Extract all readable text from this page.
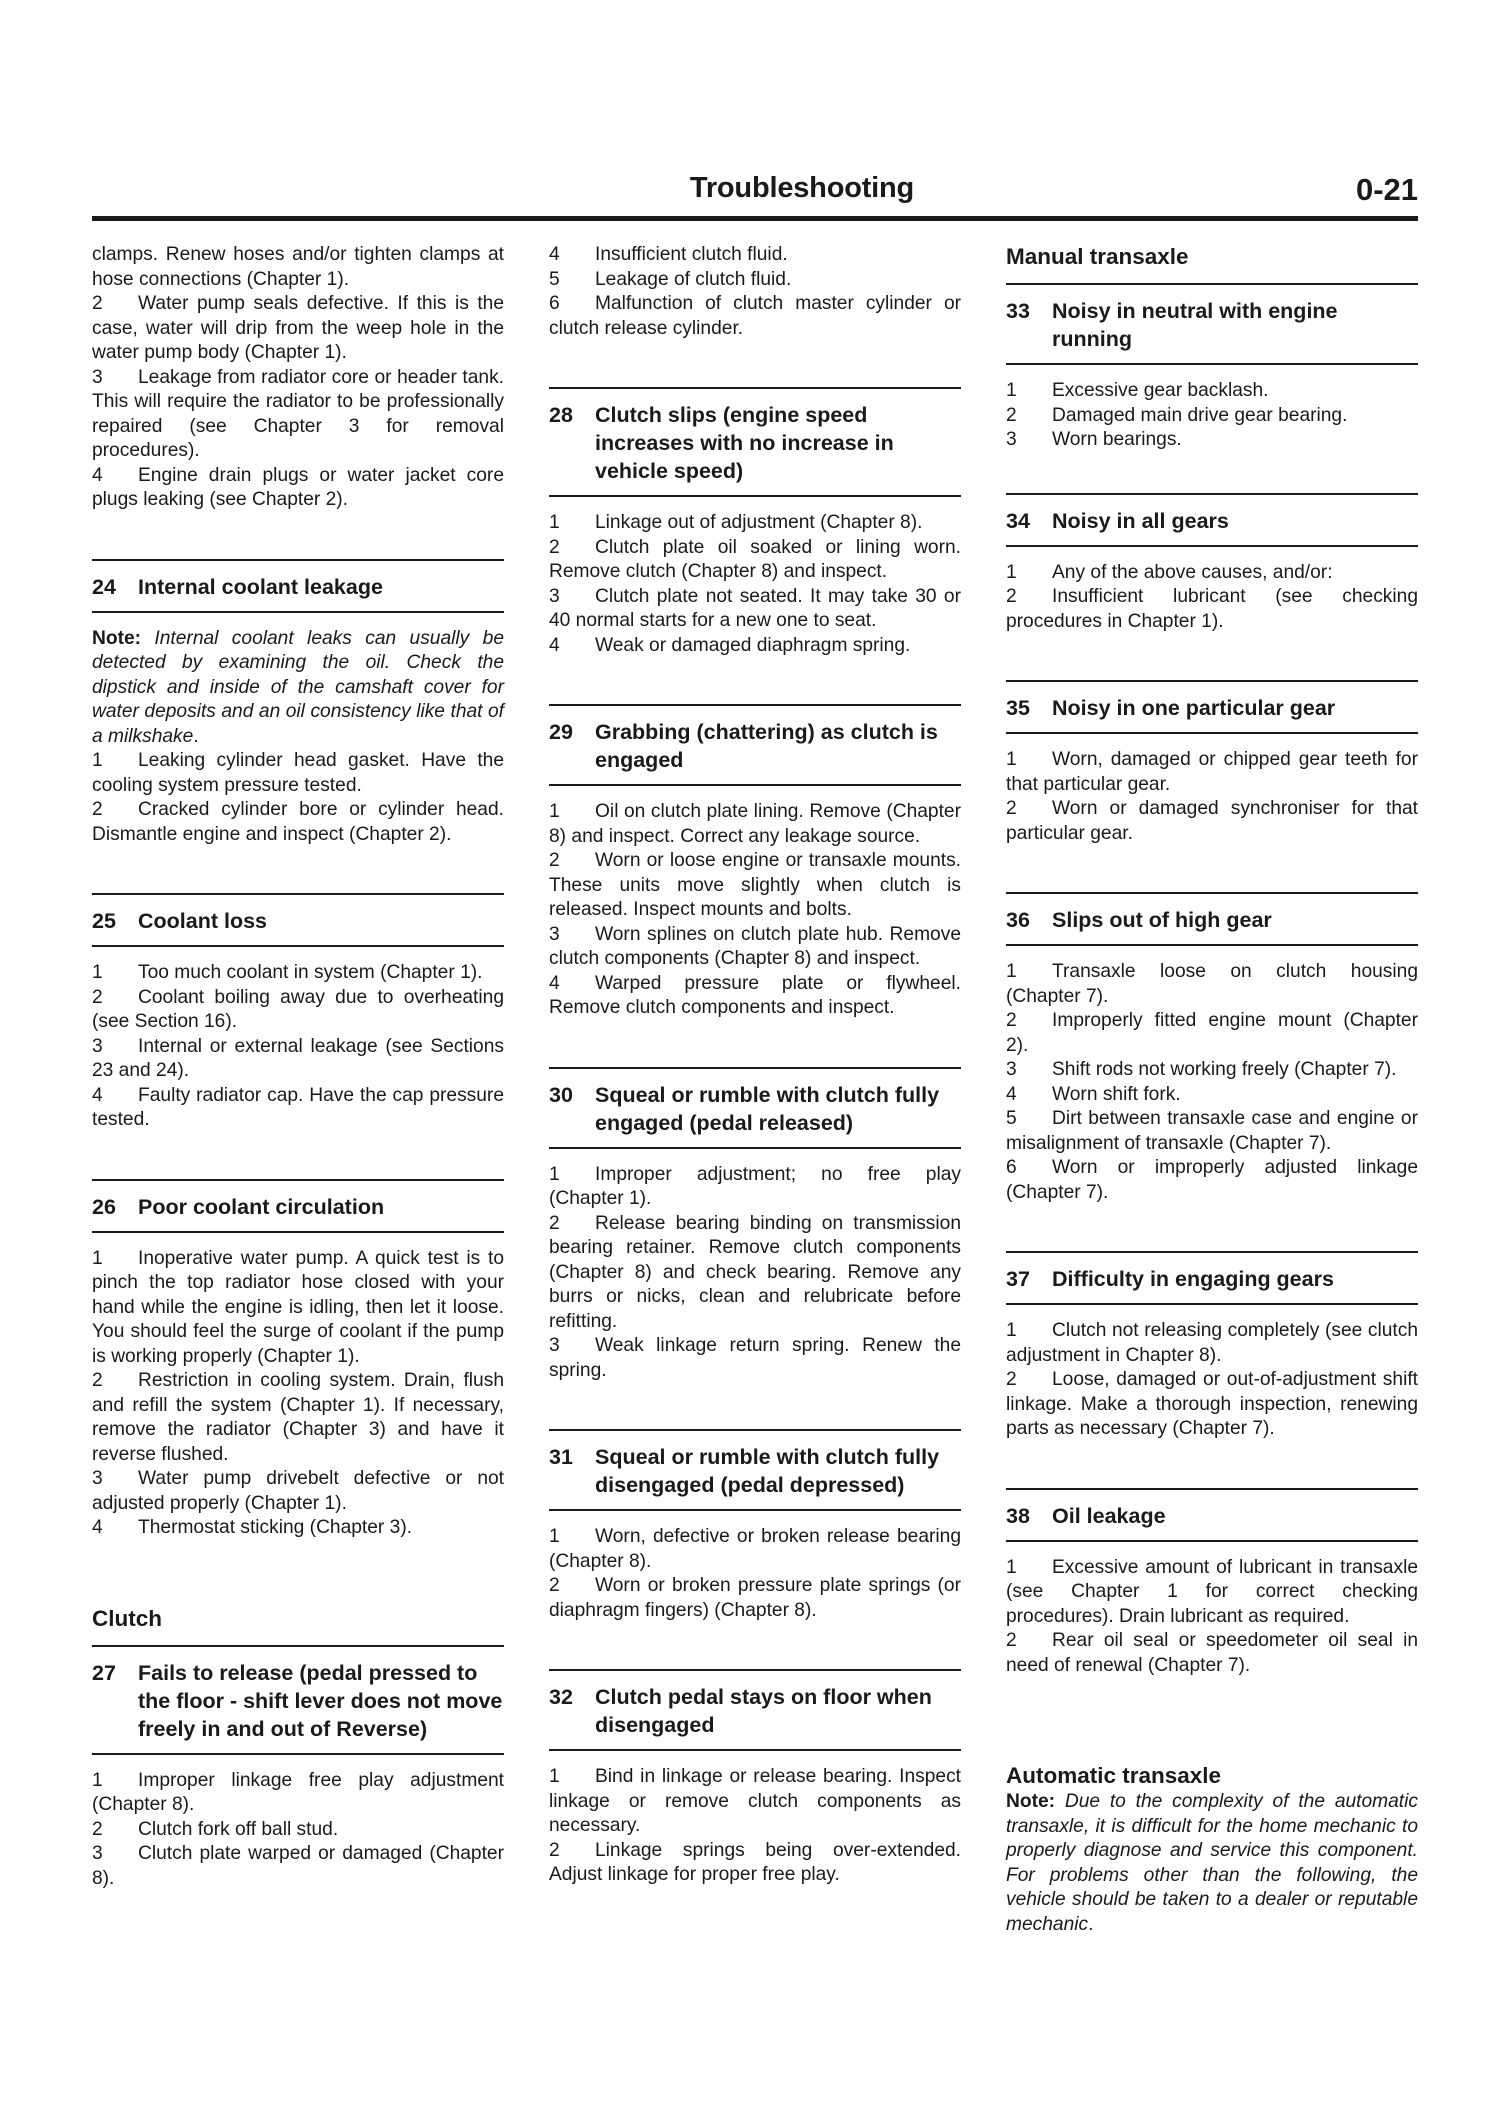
Troubleshooting	0-21

clamps. Renew hoses and/or tighten clamps at hose connections (Chapter 1).

2 Water pump seals defective. If this is the case, water will drip from the weep hole in the water pump body (Chapter 1).

3 Leakage from radiator core or header tank. This will require the radiator to be professionally repaired (see Chapter 3 for removal procedures).

4 Engine drain plugs or water jacket core plugs leaking (see Chapter 2).

24	Internal coolant leakage

Note: Internal coolant leaks can usually be detected by examining the oil. Check the dipstick and inside of the camshaft cover for water deposits and an oil consistency like that of a milkshake.

1 Leaking cylinder head gasket. Have the cooling system pressure tested.

2 Cracked cylinder bore or cylinder head. Dismantle engine and inspect (Chapter 2).

25	Coolant loss

1 Too much coolant in system (Chapter 1).

2 Coolant boiling away due to overheating (see Section 16).

3 Internal or external leakage (see Sections 23 and 24).

4 Faulty radiator cap. Have the cap pressure tested.

26	Poor coolant circulation

1 Inoperative water pump. A quick test is to pinch the top radiator hose closed with your hand while the engine is idling, then let it loose. You should feel the surge of coolant if the pump is working properly (Chapter 1).

2 Restriction in cooling system. Drain, flush and refill the system (Chapter 1). If necessary, remove the radiator (Chapter 3) and have it reverse flushed.

3 Water pump drivebelt defective or not adjusted properly (Chapter 1).

4 Thermostat sticking (Chapter 3).

Clutch
27	Fails to release (pedal pressed to the floor - shift lever does not move freely in and out of Reverse)

1 Improper linkage free play adjustment (Chapter 8).

2 Clutch fork off ball stud.

3 Clutch plate warped or damaged (Chapter 8).

4 Insufficient clutch fluid.

5 Leakage of clutch fluid.

6 Malfunction of clutch master cylinder or clutch release cylinder.

28	Clutch slips (engine speed increases with no increase in vehicle speed)

1 Linkage out of adjustment (Chapter 8).

2 Clutch plate oil soaked or lining worn. Remove clutch (Chapter 8) and inspect.

3 Clutch plate not seated. It may take 30 or 40 normal starts for a new one to seat.

4 Weak or damaged diaphragm spring.

29	Grabbing (chattering) as clutch is engaged

1 Oil on clutch plate lining. Remove (Chapter 8) and inspect. Correct any leakage source.

2 Worn or loose engine or transaxle mounts. These units move slightly when clutch is released. Inspect mounts and bolts.

3 Worn splines on clutch plate hub. Remove clutch components (Chapter 8) and inspect.

4 Warped pressure plate or flywheel. Remove clutch components and inspect.

30	Squeal or rumble with clutch fully engaged (pedal released)

1 Improper adjustment; no free play (Chapter 1).

2 Release bearing binding on transmission bearing retainer. Remove clutch components (Chapter 8) and check bearing. Remove any burrs or nicks, clean and relubricate before refitting.

3 Weak linkage return spring. Renew the spring.

31	Squeal or rumble with clutch fully disengaged (pedal depressed)

1 Worn, defective or broken release bearing (Chapter 8).

2 Worn or broken pressure plate springs (or diaphragm fingers) (Chapter 8).

32	Clutch pedal stays on floor when disengaged

1 Bind in linkage or release bearing. Inspect linkage or remove clutch components as necessary.

2 Linkage springs being over-extended. Adjust linkage for proper free play.

Manual transaxle
33	Noisy in neutral with engine running

1 Excessive gear backlash.

2 Damaged main drive gear bearing.

3 Worn bearings.

34	Noisy in all gears

1 Any of the above causes, and/or:

2 Insufficient lubricant (see checking procedures in Chapter 1).

35	Noisy in one particular gear

1 Worn, damaged or chipped gear teeth for that particular gear.

2 Worn or damaged synchroniser for that particular gear.

36	Slips out of high gear

1 Transaxle loose on clutch housing (Chapter 7).

2 Improperly fitted engine mount (Chapter 2).

3 Shift rods not working freely (Chapter 7).

4 Worn shift fork.

5 Dirt between transaxle case and engine or misalignment of transaxle (Chapter 7).

6 Worn or improperly adjusted linkage (Chapter 7).

37	Difficulty in engaging gears

1 Clutch not releasing completely (see clutch adjustment in Chapter 8).

2 Loose, damaged or out-of-adjustment shift linkage. Make a thorough inspection, renewing parts as necessary (Chapter 7).

38	Oil leakage

1 Excessive amount of lubricant in transaxle (see Chapter 1 for correct checking procedures). Drain lubricant as required.

2 Rear oil seal or speedometer oil seal in need of renewal (Chapter 7).

Automatic transaxle

Note: Due to the complexity of the automatic transaxle, it is difficult for the home mechanic to properly diagnose and service this component. For problems other than the following, the vehicle should be taken to a dealer or reputable mechanic.
